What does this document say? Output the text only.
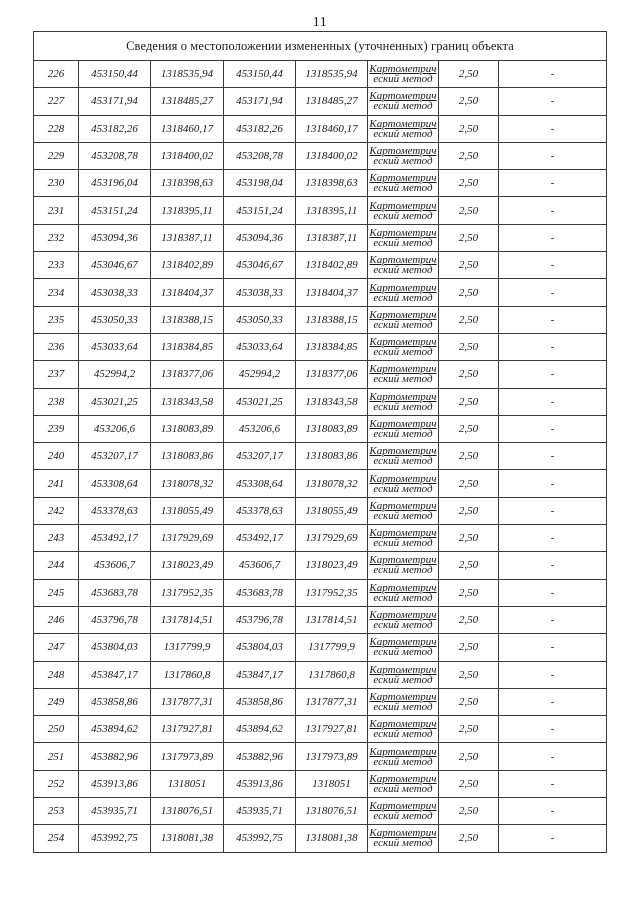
11
Сведения о местоположении измененных (уточненных) границ объекта							
226	453150,44	1318535,94	453150,44	1318535,94	Картометрич
еский метод	2,50	-
227	453171,94	1318485,27	453171,94	1318485,27	Картометрич
еский метод	2,50	-
228	453182,26	1318460,17	453182,26	1318460,17	Картометрич
еский метод	2,50	-
229	453208,78	1318400,02	453208,78	1318400,02	Картометрич
еский метод	2,50	-
230	453196,04	1318398,63	453198,04	1318398,63	Картометрич
еский метод	2,50	-
231	453151,24	1318395,11	453151,24	1318395,11	Картометрич
еский метод	2,50	-
232	453094,36	1318387,11	453094,36	1318387,11	Картометрич
еский метод	2,50	-
233	453046,67	1318402,89	453046,67	1318402,89	Картометрич
еский метод	2,50	-
234	453038,33	1318404,37	453038,33	1318404,37	Картометрич
еский метод	2,50	-
235	453050,33	1318388,15	453050,33	1318388,15	Картометрич
еский метод	2,50	-
236	453033,64	1318384,85	453033,64	1318384,85	Картометрич
еский метод	2,50	-
237	452994,2	1318377,06	452994,2	1318377,06	Картометрич
еский метод	2,50	-
238	453021,25	1318343,58	453021,25	1318343,58	Картометрич
еский метод	2,50	-
239	453206,6	1318083,89	453206,6	1318083,89	Картометрич
еский метод	2,50	-
240	453207,17	1318083,86	453207,17	1318083,86	Картометрич
еский метод	2,50	-
241	453308,64	1318078,32	453308,64	1318078,32	Картометрич
еский метод	2,50	-
242	453378,63	1318055,49	453378,63	1318055,49	Картометрич
еский метод	2,50	-
243	453492,17	1317929,69	453492,17	1317929,69	Картометрич
еский метод	2,50	-
244	453606,7	1318023,49	453606,7	1318023,49	Картометрич
еский метод	2,50	-
245	453683,78	1317952,35	453683,78	1317952,35	Картометрич
еский метод	2,50	-
246	453796,78	1317814,51	453796,78	1317814,51	Картометрич
еский метод	2,50	-
247	453804,03	1317799,9	453804,03	1317799,9	Картометрич
еский метод	2,50	-
248	453847,17	1317860,8	453847,17	1317860,8	Картометрич
еский метод	2,50	-
249	453858,86	1317877,31	453858,86	1317877,31	Картометрич
еский метод	2,50	-
250	453894,62	1317927,81	453894,62	1317927,81	Картометрич
еский метод	2,50	-
251	453882,96	1317973,89	453882,96	1317973,89	Картометрич
еский метод	2,50	-
252	453913,86	1318051	453913,86	1318051	Картометрич
еский метод	2,50	-
253	453935,71	1318076,51	453935,71	1318076,51	Картометрич
еский метод	2,50	-
254	453992,75	1318081,38	453992,75	1318081,38	Картометрич
еский метод	2,50	-
